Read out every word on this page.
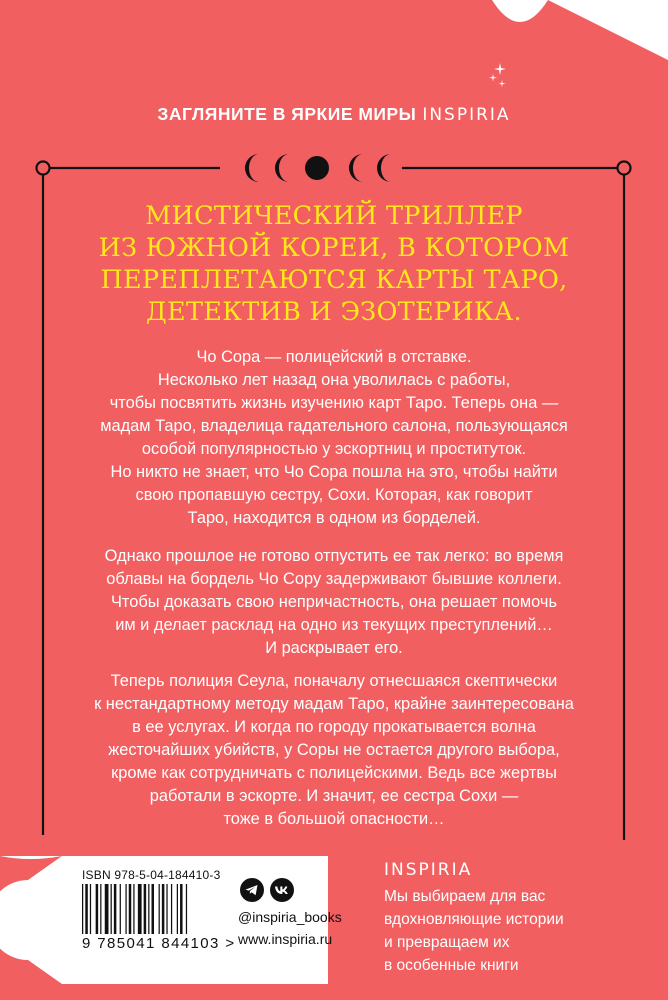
ЗАГЛЯНИТЕ В ЯРКИЕ МИРЫ INSPIRIA
МИСТИЧЕСКИЙ ТРИЛЛЕР
ИЗ ЮЖНОЙ КОРЕИ, В КОТОРОМ
ПЕРЕПЛЕТАЮТСЯ КАРТЫ ТАРО,
ДЕТЕКТИВ И ЭЗОТЕРИКА.
Чо Сора — полицейский в отставке.
Несколько лет назад она уволилась с работы,
чтобы посвятить жизнь изучению карт Таро. Теперь она —
мадам Таро, владелица гадательного салона, пользующаяся
особой популярностью у эскортниц и проституток.
Но никто не знает, что Чо Сора пошла на это, чтобы найти
свою пропавшую сестру, Сохи. Которая, как говорит
Таро, находится в одном из борделей.
Однако прошлое не готово отпустить ее так легко: во время
облавы на бордель Чо Сору задерживают бывшие коллеги.
Чтобы доказать свою непричастность, она решает помочь
им и делает расклад на одно из текущих преступлений…
И раскрывает его.
Теперь полиция Сеула, поначалу отнесшаяся скептически
к нестандартному методу мадам Таро, крайне заинтересована
в ее услугах. И когда по городу прокатывается волна
жесточайших убийств, у Соры не остается другого выбора,
кроме как сотрудничать с полицейскими. Ведь все жертвы
работали в эскорте. И значит, ее сестра Сохи —
тоже в большой опасности…
ISBN 978-5-04-184410-3
9 785041 844103 >
@inspiria_books
www.inspiria.ru
INSPIRIA
Мы выбираем для вас
вдохновляющие истории
и превращаем их
в особенные книги
